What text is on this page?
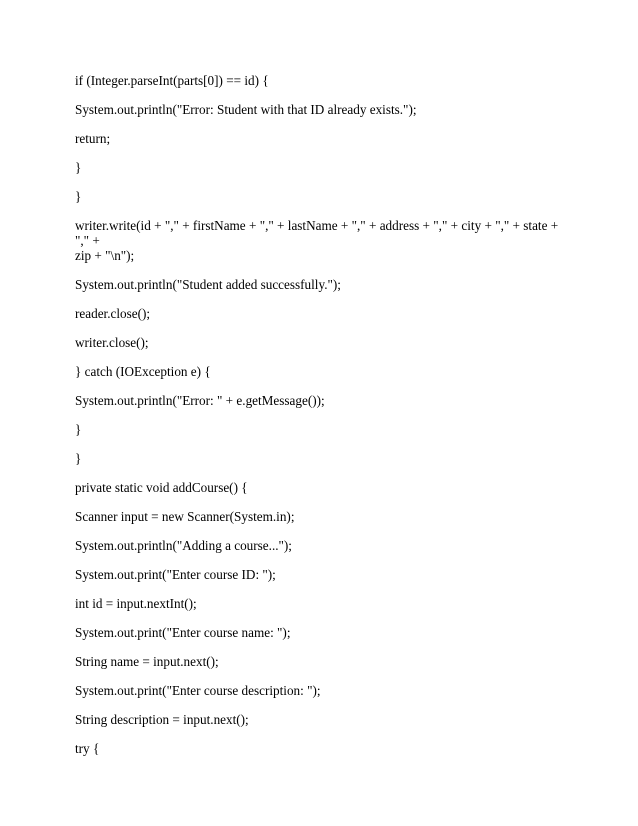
if (Integer.parseInt(parts[0]) == id) {

System.out.println("Error: Student with that ID already exists.");

return;

}

}

writer.write(id + "," + firstName + "," + lastName + "," + address + "," + city + "," + state + "," +
zip + "\n");

System.out.println("Student added successfully.");

reader.close();

writer.close();

} catch (IOException e) {

System.out.println("Error: " + e.getMessage());

}

}

private static void addCourse() {

Scanner input = new Scanner(System.in);

System.out.println("Adding a course...");

System.out.print("Enter course ID: ");

int id = input.nextInt();

System.out.print("Enter course name: ");

String name = input.next();

System.out.print("Enter course description: ");

String description = input.next();

try {
